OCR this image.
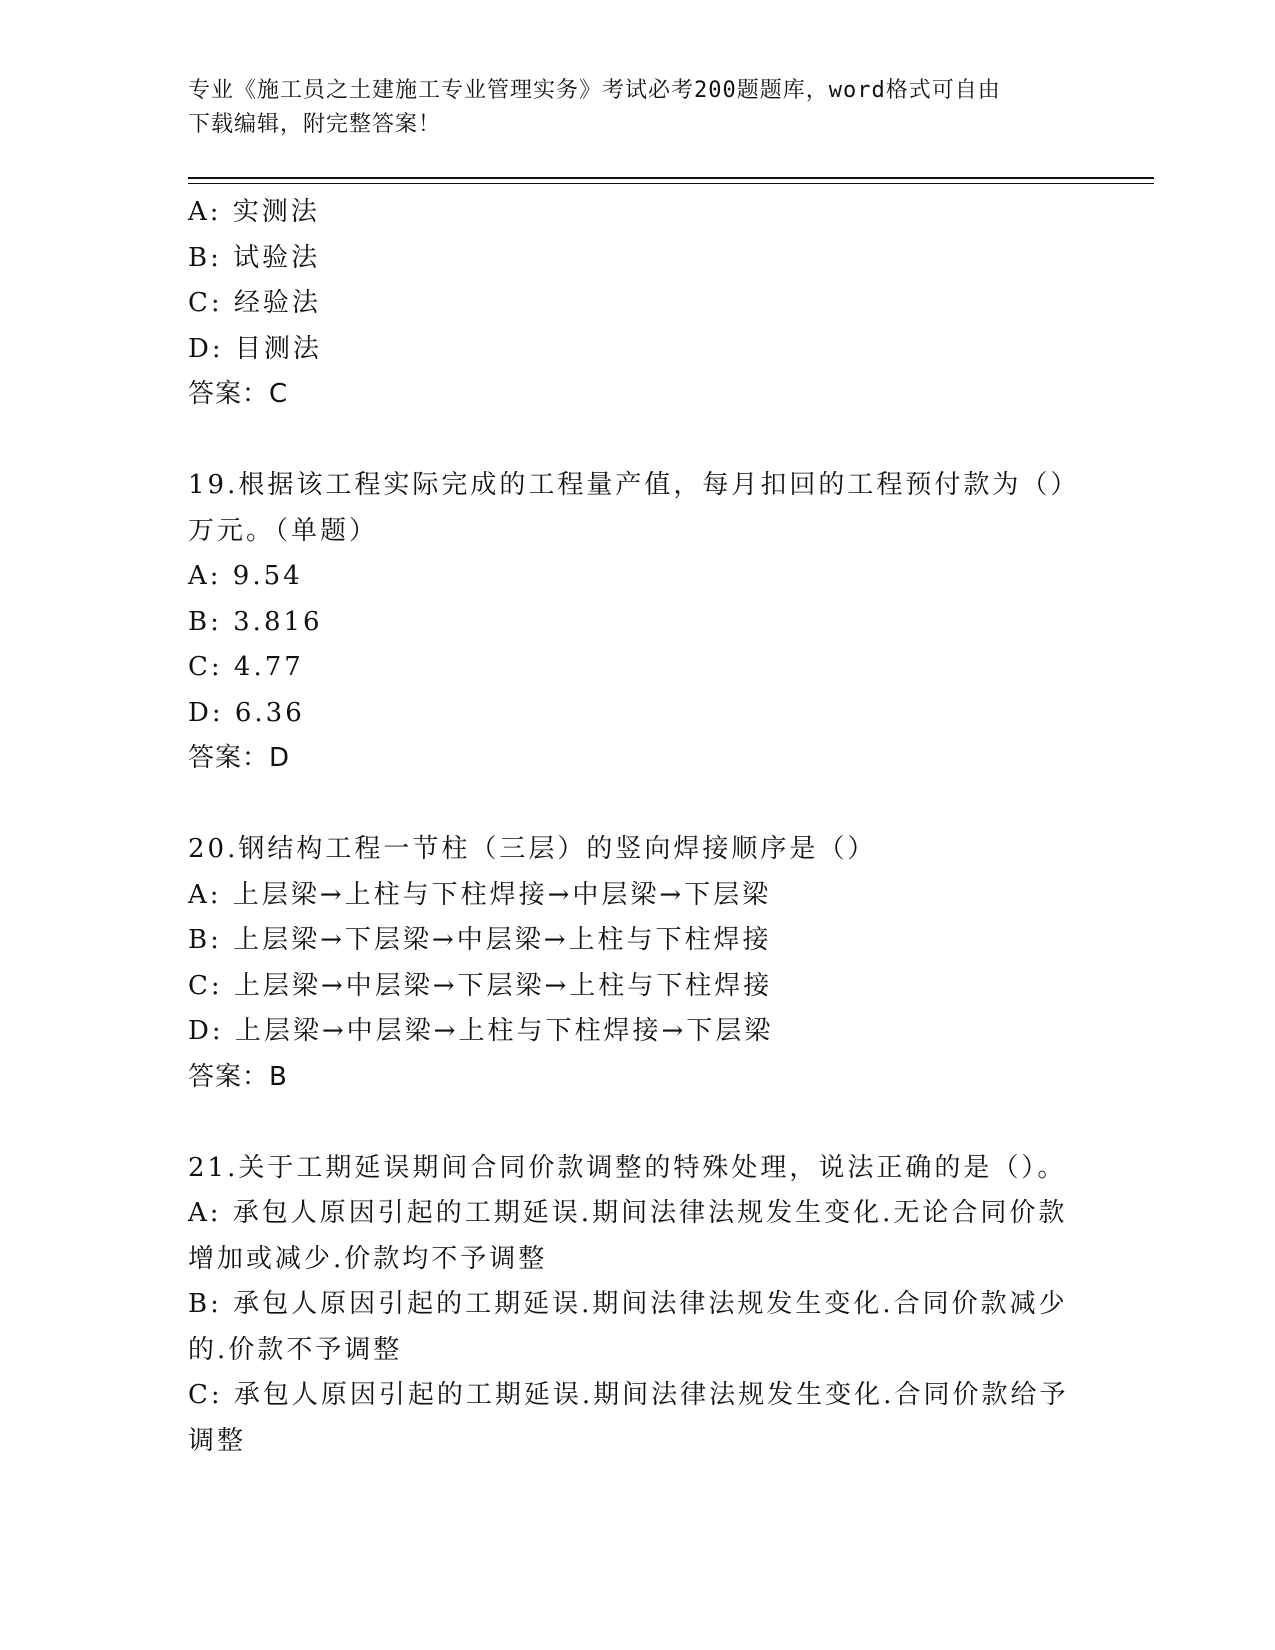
专业《施工员之土建施工专业管理实务》考试必考200题题库，word格式可自由
下载编辑，附完整答案！
A: 实测法
B: 试验法
C: 经验法
D: 目测法
答案：C
19.根据该工程实际完成的工程量产值，每月扣回的工程预付款为（）
万元。（单题）
A: 9.54
B: 3.816
C: 4.77
D: 6.36
答案：D
20.钢结构工程一节柱（三层）的竖向焊接顺序是（）
A: 上层梁→上柱与下柱焊接→中层梁→下层梁
B: 上层梁→下层梁→中层梁→上柱与下柱焊接
C: 上层梁→中层梁→下层梁→上柱与下柱焊接
D: 上层梁→中层梁→上柱与下柱焊接→下层梁
答案：B
21.关于工期延误期间合同价款调整的特殊处理，说法正确的是（）。
A: 承包人原因引起的工期延误.期间法律法规发生变化.无论合同价款
增加或减少.价款均不予调整
B: 承包人原因引起的工期延误.期间法律法规发生变化.合同价款减少
的.价款不予调整
C: 承包人原因引起的工期延误.期间法律法规发生变化.合同价款给予
调整
